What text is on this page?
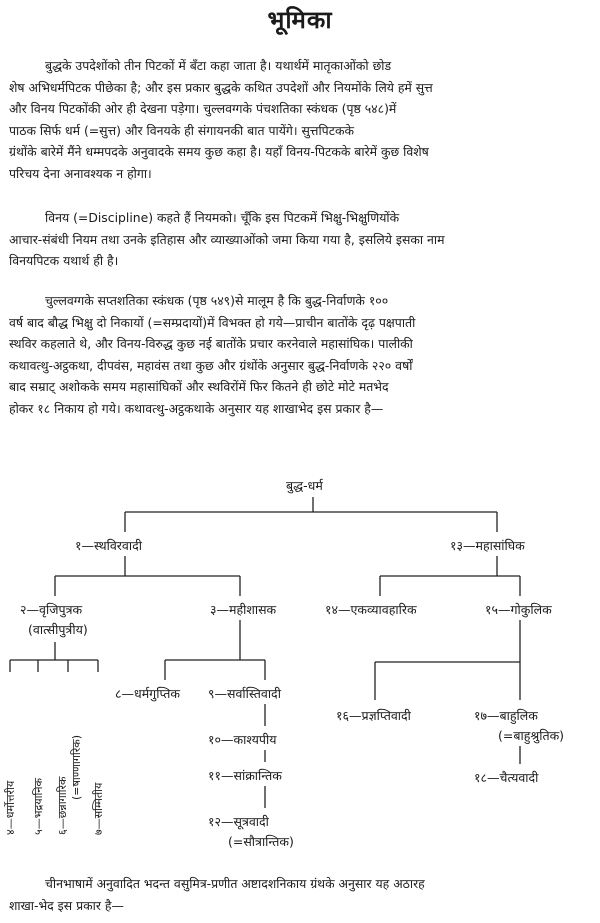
भूमिका
बुद्धके उपदेशोंको तीन पिटकों में बँटा कहा जाता है। यथार्थमें मातृकाओंको छोड
शेष अभिधर्मपिटक पीछेका है; और इस प्रकार बुद्धके कथित उपदेशों और नियमोंके लिये हमें सुत्त
और विनय पिटकोंकी ओर ही देखना पड़ेगा। चुल्लवग्गके पंचशतिका स्कंधक (पृष्ठ ५४८)में
पाठक सिर्फ धर्म (=सुत्त) और विनयके ही संगायनकी बात पायेंगे। सुत्तपिटकके
ग्रंथोंके बारेमें मैंने धम्मपदके अनुवादके समय कुछ कहा है। यहाँ विनय-पिटकके बारेमें कुछ विशेष
परिचय देना अनावश्यक न होगा।
विनय (=Discipline) कहते हैं नियमको। चूँकि इस पिटकमें भिक्षु-भिक्षुणियोंके
आचार-संबंधी नियम तथा उनके इतिहास और व्याख्याओंको जमा किया गया है, इसलिये इसका नाम
विनयपिटक यथार्थ ही है।
चुल्लवग्गके सप्तशतिका स्कंधक (पृष्ठ ५४९)से मालूम है कि बुद्ध-निर्वाणके १००
वर्ष बाद बौद्ध भिक्षु दो निकायों (=सम्प्रदायों)में विभक्त हो गये—प्राचीन बातोंके दृढ़ पक्षपाती
स्थविर कहलाते थे, और विनय-विरुद्ध कुछ नई बातोंके प्रचार करनेवाले महासांघिक। पालीकी
कथावत्थु-अट्ठकथा, दीपवंस, महावंस तथा कुछ और ग्रंथोंके अनुसार बुद्ध-निर्वाणके २२० वर्षों
बाद सम्राट् अशोकके समय महासांघिकों और स्थविरोंमें फिर कितने ही छोटे मोटे मतभेद
होकर १८ निकाय हो गये। कथावत्थु-अट्ठकथाके अनुसार यह शाखाभेद इस प्रकार है—
बुद्ध-धर्म
१—स्थविरवादी	१३—महासांघिक
२—वृजिपुत्रक
(वात्सीपुत्रीय)
३—महीशासक	१४—एकव्यावहारिक	१५—गोकुलिक
४—धर्मोत्तरीय ५—भद्रयानिक ६—छन्नागारिक
(=षाण्णागरिक)
७—सम्मितीय
८—धर्मगुप्तिक ९—सर्वास्तिवादी
१०—काश्यपीय
११—सांक्रान्तिक
१२—सूत्रवादी
(=सौत्रान्तिक)
१६—प्रज्ञप्तिवादी	१७—बाहुलिक
(=बाहुश्रुतिक)
१८—चैत्यवादी
चीनभाषामें अनुवादित भदन्त वसुमित्र-प्रणीत अष्टादशनिकाय ग्रंथके अनुसार यह अठारह
शाखा-भेद इस प्रकार है—
